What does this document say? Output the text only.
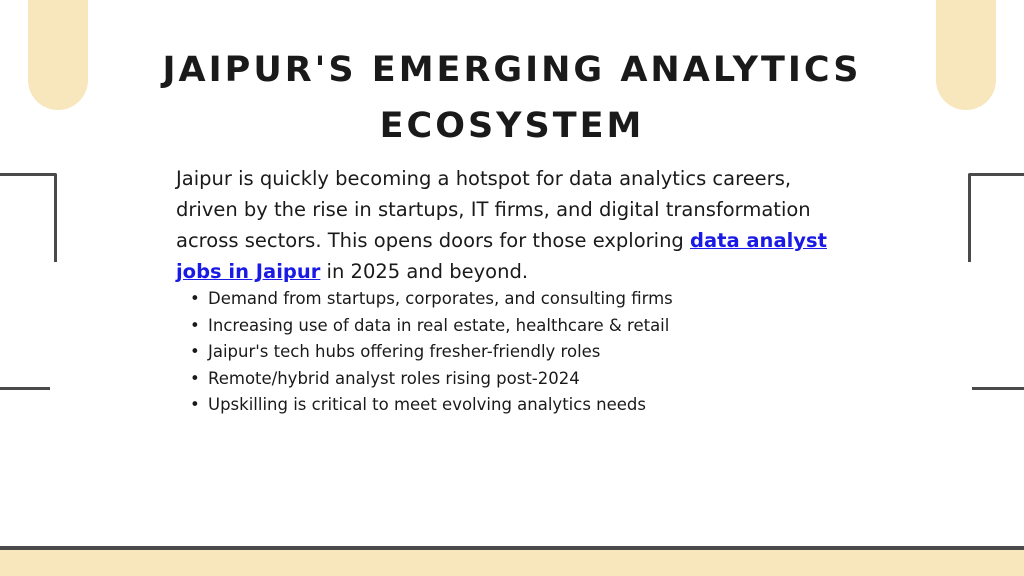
JAIPUR'S EMERGING ANALYTICS
ECOSYSTEM

Jaipur is quickly becoming a hotspot for data analytics careers, driven by the rise in startups, IT firms, and digital transformation across sectors. This opens doors for those exploring data analyst jobs in Jaipur in 2025 and beyond.

• Demand from startups, corporates, and consulting firms
• Increasing use of data in real estate, healthcare & retail
• Jaipur's tech hubs offering fresher-friendly roles
• Remote/hybrid analyst roles rising post-2024
• Upskilling is critical to meet evolving analytics needs
